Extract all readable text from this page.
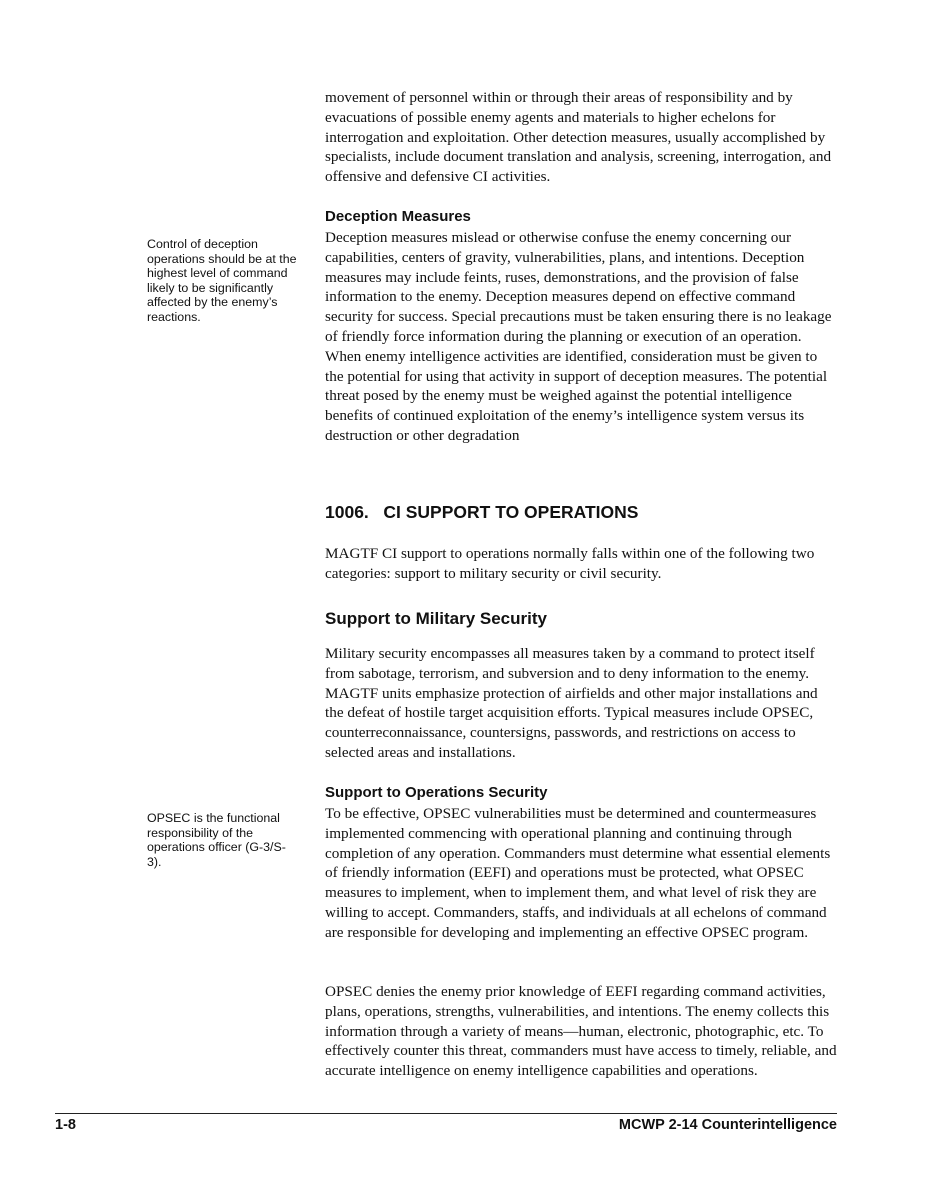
movement of personnel within or through their areas of responsibility and by evacuations of possible enemy agents and materials to higher echelons for interrogation and exploitation. Other detection measures, usually accomplished by specialists, include document translation and analysis, screening, interrogation, and offensive and defensive CI activities.

Deception Measures

Deception measures mislead or otherwise confuse the enemy concerning our capabilities, centers of gravity, vulnerabilities, plans, and intentions. Deception measures may include feints, ruses, demonstrations, and the provision of false information to the enemy. Deception measures depend on effective command security for success. Special precautions must be taken ensuring there is no leakage of friendly force information during the planning or execution of an operation. When enemy intelligence activities are identified, consideration must be given to the potential for using that activity in support of deception measures. The potential threat posed by the enemy must be weighed against the potential intelligence benefits of continued exploitation of the enemy’s intelligence system versus its destruction or other degradation

Control of deception operations should be at the highest level of command likely to be significantly affected by the enemy’s reactions.

1006.   CI SUPPORT TO OPERATIONS

MAGTF CI support to operations normally falls within one of the following two categories: support to military security or civil security.

Support to Military Security

Military security encompasses all measures taken by a command to protect itself from sabotage, terrorism, and subversion and to deny information to the enemy. MAGTF units emphasize protection of airfields and other major installations and the defeat of hostile target acquisition efforts. Typical measures include OPSEC, counterreconnaissance, countersigns, passwords, and restrictions on access to selected areas and installations.

Support to Operations Security

To be effective, OPSEC vulnerabilities must be determined and countermeasures implemented commencing with operational planning and continuing through completion of any operation. Commanders must determine what essential elements of friendly information (EEFI) and operations must be protected, what OPSEC measures to implement, when to implement them, and what level of risk they are willing to accept. Commanders, staffs, and individuals at all echelons of command are responsible for developing and implementing an effective OPSEC program.

OPSEC is the functional responsibility of the operations officer (G-3/S-3).

OPSEC denies the enemy prior knowledge of EEFI regarding command activities, plans, operations, strengths, vulnerabilities, and intentions. The enemy collects this information through a variety of means—human, electronic, photographic, etc. To effectively counter this threat, commanders must have access to timely, reliable, and accurate intelligence on enemy intelligence capabilities and operations.

1-8	MCWP 2-14 Counterintelligence
